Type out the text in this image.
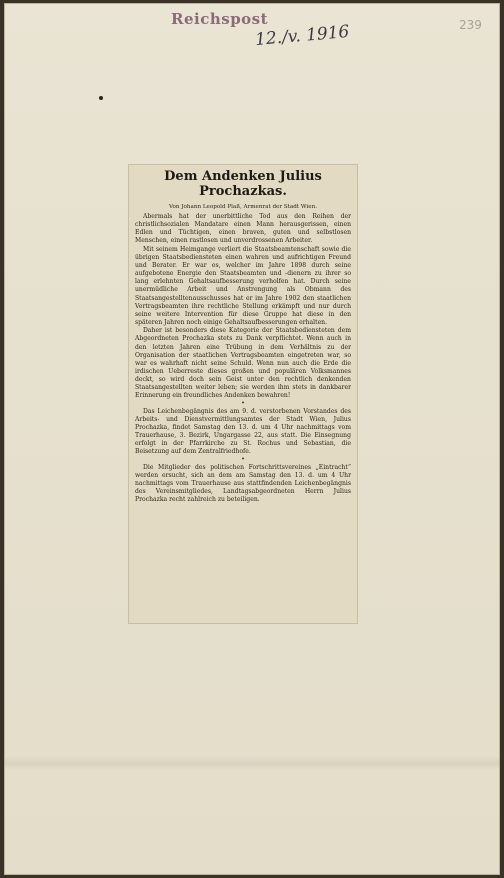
Reichspost
12./v. 1916	239
Dem Andenken Julius Prochazkas.
Von Johann Leopold Plaß, Armenrat der Stadt Wien.

Abermals hat der unerbittliche Tod aus den Reihen der christlichsozialen Mandatare einen Mann herausgerissen, einen Edlen und Tüchtigen, einen braven, guten und selbstlosen Menschen, einen rastlosen und unverdrossenen Arbeiter.

Mit seinem Heimgange verliert die Staatsbeamtenschaft sowie die übrigen Staatsbediensteten einen wahren und aufrichtigen Freund und Berater. Er war es, welcher im Jahre 1898 durch seine aufgebotene Energie den Staatsbeamten und -dienern zu ihrer so lang erlehnten Gehaltsaufbesserung verholfen hat. Durch seine unermüdliche Arbeit und Anstrengung als Obmann des Staatsangestelltenausschusses hat er im Jahre 1902 den staatlichen Vertragsbeamten ihre rechtliche Stellung erkämpft und nur durch seine weitere Intervention für diese Gruppe hat diese in den späteren Jahren noch einige Gehaltsaufbesserungen erhalten.

Daher ist besonders diese Kategorie der Staatsbediensteten dem Abgeordneten Prochazka stets zu Dank verpflichtet. Wenn auch in den letzten Jahren eine Trübung in dem Verhältnis zu der Organisation der staatlichen Vertragsbeamten eingetreten war, so war es wahrhaft nicht seine Schuld. Wenn nun auch die Erde die irdischen Ueberreste dieses großen und populären Volksmannes deckt, so wird doch sein Geist unter den rechtlich denkenden Staatsangestellten weiter leben; sie werden ihm stets in dankbarer Erinnerung ein freundliches Andenken bewahren!

•

Das Leichenbegängnis des am 9. d. verstorbenen Vorstandes des Arbeits- und Dienstvermittlungsamtes der Stadt Wien, Julius Prochazka, findet Samstag den 13. d. um 4 Uhr nachmittags vom Trauerhause, 3. Bezirk, Ungargasse 22, aus statt. Die Einsegnung erfolgt in der Pfarrkirche zu St. Rochus und Sebastian, die Beisetzung auf dem Zentralfriedhofe.

•

Die Mitglieder des politischen Fortschrittsvereines „Eintracht“ werden ersucht, sich an dem am Samstag den 13. d. um 4 Uhr nachmittags vom Trauerhause aus stattfindenden Leichenbegängnis des Vereinsmitgliedes, Landtagsabgeordneten Herrn Julius Prochazka recht zahlreich zu beteiligen.
